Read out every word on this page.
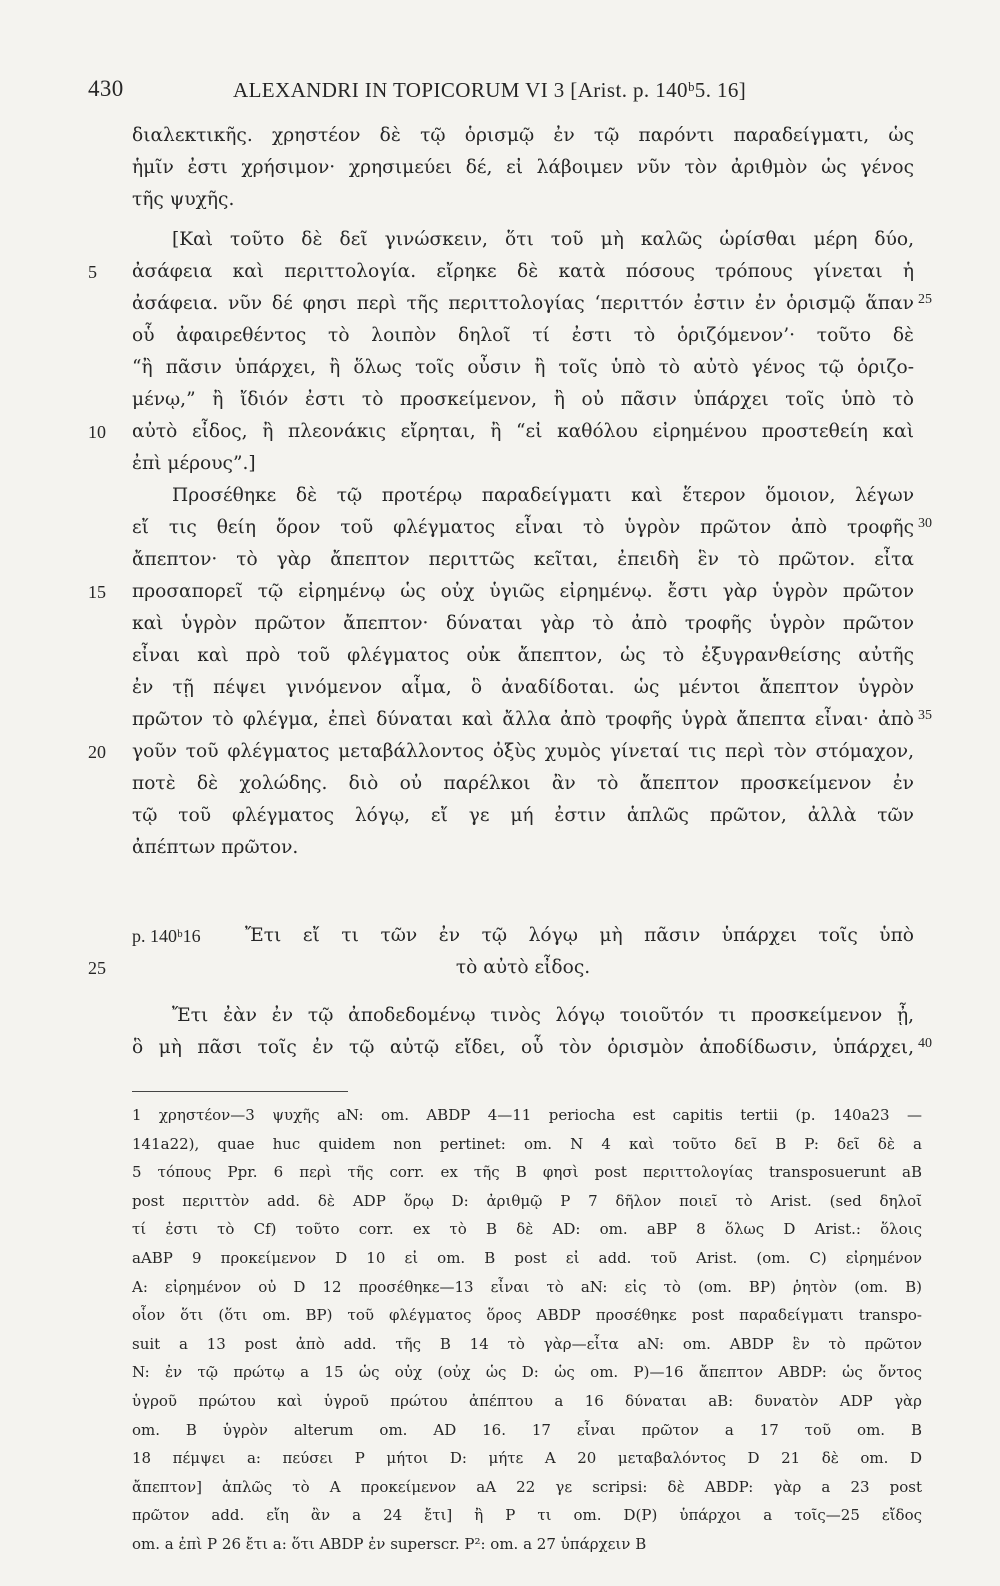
430	ALEXANDRI IN TOPICORUM VI 3 [Arist. p. 140ᵇ5. 16]
διαλεκτικῆς. χρηστέον δὲ τῷ ὁρισμῷ ἐν τῷ παρόντι παραδείγματι, ὡς
ἡμῖν ἐστι χρήσιμον· χρησιμεύει δέ, εἰ λάβοιμεν νῦν τὸν ἀριθμὸν ὡς γένος
τῆς ψυχῆς.
[Καὶ τοῦτο δὲ δεῖ γινώσκειν, ὅτι τοῦ μὴ καλῶς ὡρίσθαι μέρη δύο,
ἀσάφεια καὶ περιττολογία. εἴρηκε δὲ κατὰ πόσους τρόπους γίνεται ἡ
5
ἀσάφεια. νῦν δέ φησι περὶ τῆς περιττολογίας ‘περιττόν ἐστιν ἐν ὁρισμῷ ἅπαν 25
οὗ ἀφαιρεθέντος τὸ λοιπὸν δηλοῖ τί ἐστι τὸ ὁριζόμενον’· τοῦτο δὲ
“ἢ πᾶσιν ὑπάρχει, ἢ ὅλως τοῖς οὖσιν ἢ τοῖς ὑπὸ τὸ αὐτὸ γένος τῷ ὁριζο-
μένῳ,” ἢ ἴδιόν ἐστι τὸ προσκείμενον, ἢ οὐ πᾶσιν ὑπάρχει τοῖς ὑπὸ τὸ
αὐτὸ εἶδος, ἢ πλεονάκις εἴρηται, ἢ “εἰ καθόλου εἰρημένου προστεθείη καὶ
10
ἐπὶ μέρους”.]
Προσέθηκε δὲ τῷ προτέρῳ παραδείγματι καὶ ἕτερον ὅμοιον, λέγων
εἴ τις θείη ὅρον τοῦ φλέγματος εἶναι τὸ ὑγρὸν πρῶτον ἀπὸ τροφῆς 30
ἄπεπτον· τὸ γὰρ ἄπεπτον περιττῶς κεῖται, ἐπειδὴ ἓν τὸ πρῶτον. εἶτα
προσαπορεῖ τῷ εἰρημένῳ ὡς οὐχ ὑγιῶς εἰρημένῳ. ἔστι γὰρ ὑγρὸν πρῶτον
15
καὶ ὑγρὸν πρῶτον ἄπεπτον· δύναται γὰρ τὸ ἀπὸ τροφῆς ὑγρὸν πρῶτον
εἶναι καὶ πρὸ τοῦ φλέγματος οὐκ ἄπεπτον, ὡς τὸ ἐξυγρανθείσης αὐτῆς
ἐν τῇ πέψει γινόμενον αἷμα, ὃ ἀναδίδοται. ὡς μέντοι ἄπεπτον ὑγρὸν
πρῶτον τὸ φλέγμα, ἐπεὶ δύναται καὶ ἄλλα ἀπὸ τροφῆς ὑγρὰ ἄπεπτα εἶναι· ἀπὸ 35
γοῦν τοῦ φλέγματος μεταβάλλοντος ὀξὺς χυμὸς γίνεταί τις περὶ τὸν στόμαχον,
20
ποτὲ δὲ χολώδης. διὸ οὐ παρέλκοι ἂν τὸ ἄπεπτον προσκείμενον ἐν
τῷ τοῦ φλέγματος λόγῳ, εἴ γε μή ἐστιν ἁπλῶς πρῶτον, ἀλλὰ τῶν
ἀπέπτων πρῶτον.
p. 140ᵇ16	Ἔτι εἴ τι τῶν ἐν τῷ λόγῳ μὴ πᾶσιν ὑπάρχει τοῖς ὑπὸ
25	τὸ αὐτὸ εἶδος.
Ἔτι ἐὰν ἐν τῷ ἀποδεδομένῳ τινὸς λόγῳ τοιοῦτόν τι προσκείμενον ᾖ,
ὃ μὴ πᾶσι τοῖς ἐν τῷ αὐτῷ εἴδει, οὗ τὸν ὁρισμὸν ἀποδίδωσιν, ὑπάρχει, 40
1 χρηστέον—3 ψυχῆς aN: om. ABDP 4—11 periocha est capitis tertii (p. 140a23 —
141a22), quae huc quidem non pertinet: om. N 4 καὶ τοῦτο δεῖ B P: δεῖ δὲ a
5 τόπους Ppr. 6 περὶ τῆς corr. ex τῆς B φησὶ post περιττολογίας transposuerunt aB
post περιττὸν add. δὲ ADP ὅρῳ D: ἀριθμῷ P 7 δῆλον ποιεῖ τὸ Arist. (sed δηλοῖ
τί ἐστι τὸ Cf) τοῦτο corr. ex τὸ B δὲ AD: om. aBP 8 ὅλως D Arist.: ὅλοις
aABP 9 προκείμενον D 10 εἰ om. B post εἰ add. τοῦ Arist. (om. C) εἰρημένον
A: εἰρημένον οὐ D 12 προσέθηκε—13 εἶναι τὸ aN: εἰς τὸ (om. BP) ῥητὸν (om. B)
οἷον ὅτι (ὅτι om. BP) τοῦ φλέγματος ὅρος ABDP προσέθηκε post παραδείγματι transpo-
suit a 13 post ἀπὸ add. τῆς B 14 τὸ γὰρ—εἶτα aN: om. ABDP ἓν τὸ πρῶτον
N: ἐν τῷ πρώτῳ a 15 ὡς οὐχ (οὐχ ὡς D: ὡς om. P)—16 ἄπεπτον ABDP: ὡς ὄντος
ὑγροῦ πρώτου καὶ ὑγροῦ πρώτου ἀπέπτου a 16 δύναται aB: δυνατὸν ADP γὰρ
om. B ὑγρὸν alterum om. AD 16. 17 εἶναι πρῶτον a 17 τοῦ om. B
18 πέμψει a: πεύσει P μήτοι D: μήτε A 20 μεταβαλόντος D 21 δὲ om. D
ἄπεπτον] ἁπλῶς τὸ A προκείμενον aA 22 γε scripsi: δὲ ABDP: γὰρ a 23 post
πρῶτον add. εἴη ἂν a 24 ἔτι] ἢ P τι om. D(P) ὑπάρχοι a τοῖς—25 εἴδος
om. a ἐπὶ P 26 ἔτι a: ὅτι ABDP ἐν superscr. P²: om. a 27 ὑπάρχειν B
